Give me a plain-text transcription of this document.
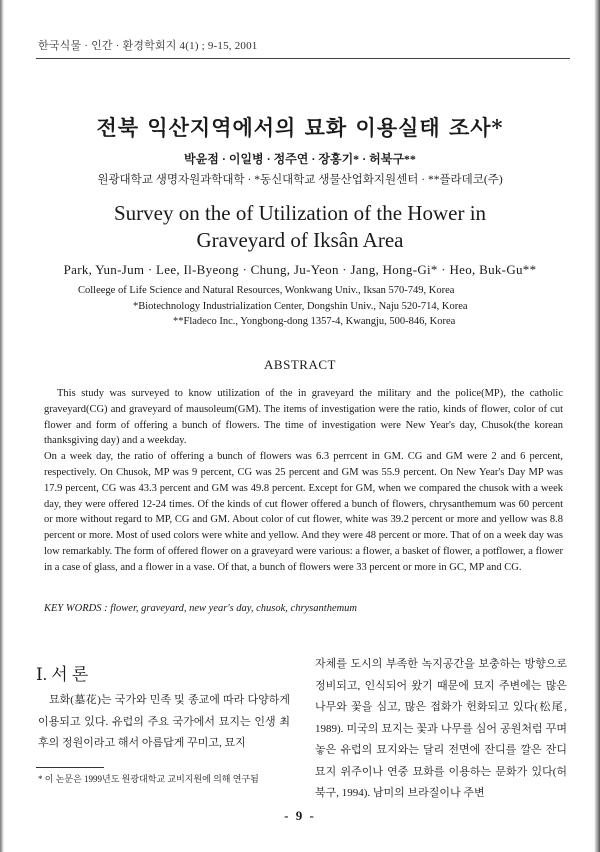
한국식물 · 인간 · 환경학회지 4(1) ; 9-15, 2001
전북 익산지역에서의 묘화 이용실태 조사*
박윤점 · 이일병 · 정주연 · 장홍기* · 허북구**
원광대학교 생명자원과학대학 · *동신대학교 생물산업화지원센터 · **플라데코(주)
Survey on the of Utilization of the Hower in
Graveyard of Iksân Area
Park, Yun-Jum · Lee, Il-Byeong · Chung, Ju-Yeon · Jang, Hong-Gi* · Heo, Buk-Gu**
Colleege of Life Science and Natural Resources, Wonkwang Univ., Iksan 570-749, Korea
*Biotechnology Industrialization Center, Dongshin Univ., Naju 520-714, Korea
**Fladeco Inc., Yongbong-dong 1357-4, Kwangju, 500-846, Korea
ABSTRACT

This study was surveyed to know utilization of the in graveyard the military and the police(MP), the catholic graveyard(CG) and graveyard of mausoleum(GM). The items of investigation were the ratio, kinds of flower, color of cut flower and form of offering a bunch of flowers. The time of investigation were New Year's day, Chusok(the korean thanksgiving day) and a weekday.

On a week day, the ratio of offering a bunch of flowers was 6.3 perrcent in GM. CG and GM were 2 and 6 percent, respectively. On Chusok, MP was 9 percent, CG was 25 percent and GM was 55.9 percent. On New Year's Day MP was 17.9 percent, CG was 43.3 percent and GM was 49.8 percent. Except for GM, when we compared the chusok with a week day, they were offered 12-24 times. Of the kinds of cut flower offered a bunch of flowers, chrysanthemum was 60 percent or more without regard to MP, CG and GM. About color of cut flower, white was 39.2 percent or more and yellow was 8.8 percent or more. Most of used colors were white and yellow. And they were 48 percent or more. That of on a week day was low remarkably. The form of offered flower on a graveyard were various: a flower, a basket of flower, a potflower, a flower in a case of glass, and a flower in a vase. Of that, a bunch of flowers were 33 percent or more in GC, MP and CG.

KEY WORDS : flower, graveyard, new year's day, chusok, chrysanthemum
Ⅰ. 서 론

묘화(墓花)는 국가와 민족 및 종교에 따라 다양하게 이용되고 있다. 유럽의 주요 국가에서 묘지는 인생 최후의 정원이라고 해서 아름답게 꾸미고, 묘지

자체를 도시의 부족한 녹지공간을 보충하는 방향으로 정비되고, 인식되어 왔기 때문에 묘지 주변에는 많은 나무와 꽃을 심고, 많은 접화가 헌화되고 있다(松尾, 1989). 미국의 묘지는 꽃과 나무를 심어 공원처럼 꾸며 놓은 유럽의 묘지와는 달리 전면에 잔디를 깔은 잔디 묘지 위주이나 연중 묘화를 이용하는 문화가 있다(허북구, 1994). 남미의 브라질이나 주변

* 이 논문은 1999년도 원광대학교 교비지원에 의해 연구됨
- 9 -
